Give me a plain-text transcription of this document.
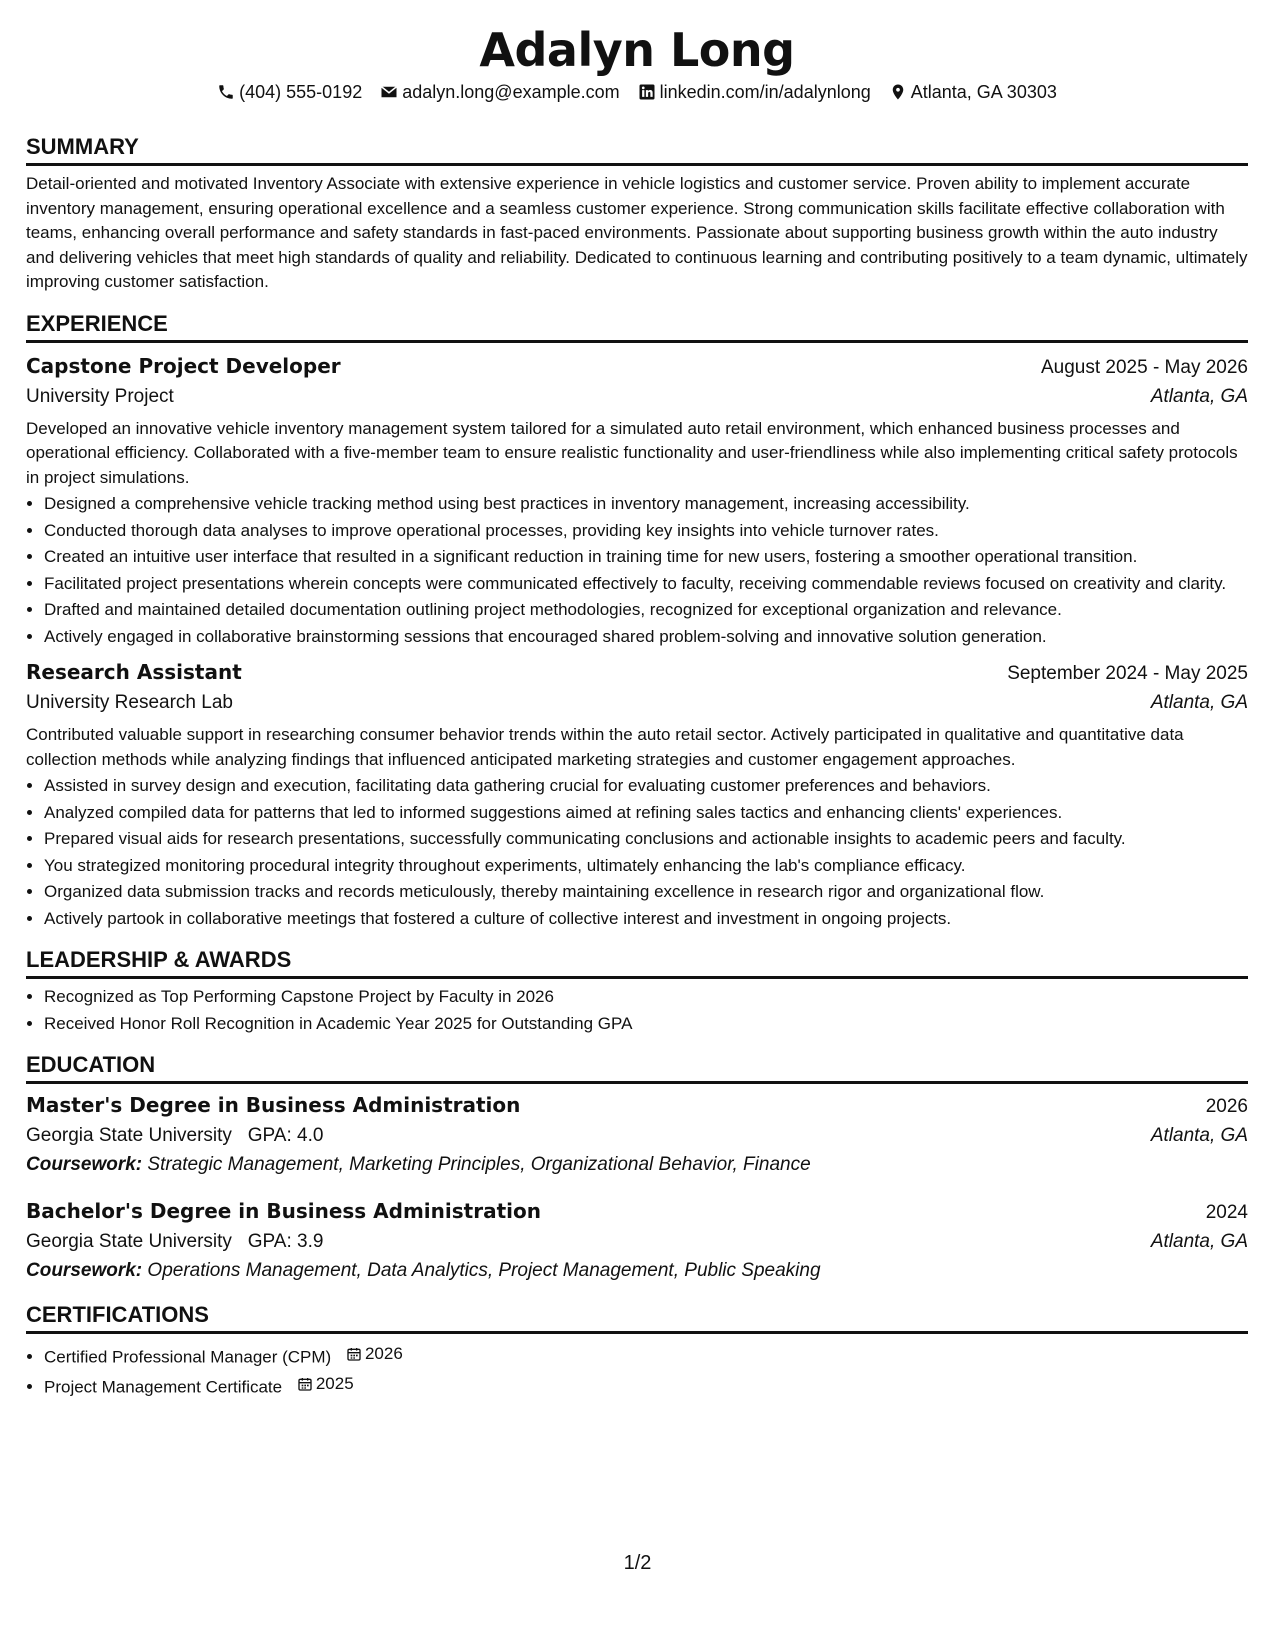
Adalyn Long
(404) 555-0192 adalyn.long@example.com linkedin.com/in/adalynlong Atlanta, GA 30303
SUMMARY

Detail-oriented and motivated Inventory Associate with extensive experience in vehicle logistics and customer service. Proven ability to implement accurate inventory management, ensuring operational excellence and a seamless customer experience. Strong communication skills facilitate effective collaboration with teams, enhancing overall performance and safety standards in fast-paced environments. Passionate about supporting business growth within the auto industry and delivering vehicles that meet high standards of quality and reliability. Dedicated to continuous learning and contributing positively to a team dynamic, ultimately improving customer satisfaction.

EXPERIENCE
Capstone Project Developer	August 2025 - May 2026
University Project	Atlanta, GA

Developed an innovative vehicle inventory management system tailored for a simulated auto retail environment, which enhanced business processes and operational efficiency. Collaborated with a five-member team to ensure realistic functionality and user-friendliness while also implementing critical safety protocols in project simulations.

• Designed a comprehensive vehicle tracking method using best practices in inventory management, increasing accessibility.
• Conducted thorough data analyses to improve operational processes, providing key insights into vehicle turnover rates.
• Created an intuitive user interface that resulted in a significant reduction in training time for new users, fostering a smoother operational transition.
• Facilitated project presentations wherein concepts were communicated effectively to faculty, receiving commendable reviews focused on creativity and clarity.
• Drafted and maintained detailed documentation outlining project methodologies, recognized for exceptional organization and relevance.
• Actively engaged in collaborative brainstorming sessions that encouraged shared problem-solving and innovative solution generation.
Research Assistant	September 2024 - May 2025
University Research Lab	Atlanta, GA

Contributed valuable support in researching consumer behavior trends within the auto retail sector. Actively participated in qualitative and quantitative data collection methods while analyzing findings that influenced anticipated marketing strategies and customer engagement approaches.

• Assisted in survey design and execution, facilitating data gathering crucial for evaluating customer preferences and behaviors.
• Analyzed compiled data for patterns that led to informed suggestions aimed at refining sales tactics and enhancing clients' experiences.
• Prepared visual aids for research presentations, successfully communicating conclusions and actionable insights to academic peers and faculty.
• You strategized monitoring procedural integrity throughout experiments, ultimately enhancing the lab's compliance efficacy.
• Organized data submission tracks and records meticulously, thereby maintaining excellence in research rigor and organizational flow.
• Actively partook in collaborative meetings that fostered a culture of collective interest and investment in ongoing projects.
LEADERSHIP & AWARDS
• Recognized as Top Performing Capstone Project by Faculty in 2026
• Received Honor Roll Recognition in Academic Year 2025 for Outstanding GPA
EDUCATION
Master's Degree in Business Administration	2026
Georgia State University GPA: 4.0	Atlanta, GA
Coursework: Strategic Management, Marketing Principles, Organizational Behavior, Finance
Bachelor's Degree in Business Administration	2024
Georgia State University GPA: 3.9	Atlanta, GA
Coursework: Operations Management, Data Analytics, Project Management, Public Speaking
CERTIFICATIONS
• Certified Professional Manager (CPM) 2026
• Project Management Certificate 2025
1/2
